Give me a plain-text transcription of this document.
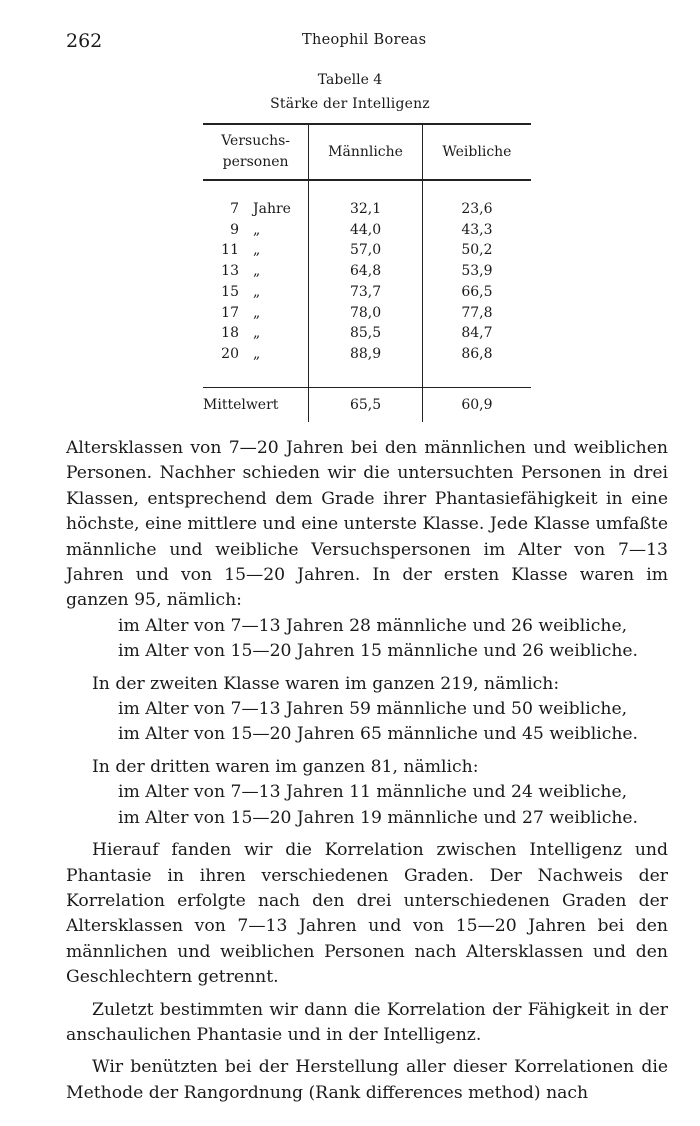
262	Theophil Boreas
Tabelle 4
Stärke der Intelligenz
Versuchs-
personen	Männliche	Weibliche
7 Jahre	32,1	23,6
9 „	44,0	43,3
11 „	57,0	50,2
13 „	64,8	53,9
15 „	73,7	66,5
17 „	78,0	77,8
18 „	85,5	84,7
20 „	88,9	86,8

Mittelwert	65,5	60,9

Altersklassen von 7—20 Jahren bei den männlichen und weiblichen Personen. Nachher schieden wir die untersuchten Personen in drei Klassen, entsprechend dem Grade ihrer Phantasiefähigkeit in eine höchste, eine mittlere und eine unterste Klasse. Jede Klasse umfaßte männliche und weibliche Versuchspersonen im Alter von 7—13 Jahren und von 15—20 Jahren. In der ersten Klasse waren im ganzen 95, nämlich:

im Alter von 7—13 Jahren 28 männliche und 26 weibliche,

im Alter von 15—20 Jahren 15 männliche und 26 weibliche.

In der zweiten Klasse waren im ganzen 219, nämlich:

im Alter von 7—13 Jahren 59 männliche und 50 weibliche,

im Alter von 15—20 Jahren 65 männliche und 45 weibliche.

In der dritten waren im ganzen 81, nämlich:

im Alter von 7—13 Jahren 11 männliche und 24 weibliche,

im Alter von 15—20 Jahren 19 männliche und 27 weibliche.

Hierauf fanden wir die Korrelation zwischen Intelligenz und Phantasie in ihren verschiedenen Graden. Der Nachweis der Korrelation erfolgte nach den drei unterschiedenen Graden der Altersklassen von 7—13 Jahren und von 15—20 Jahren bei den männlichen und weiblichen Personen nach Altersklassen und den Geschlechtern getrennt.

Zuletzt bestimmten wir dann die Korrelation der Fähigkeit in der anschaulichen Phantasie und in der Intelligenz.

Wir benützten bei der Herstellung aller dieser Korrelationen die Methode der Rangordnung (Rank differences method) nach
